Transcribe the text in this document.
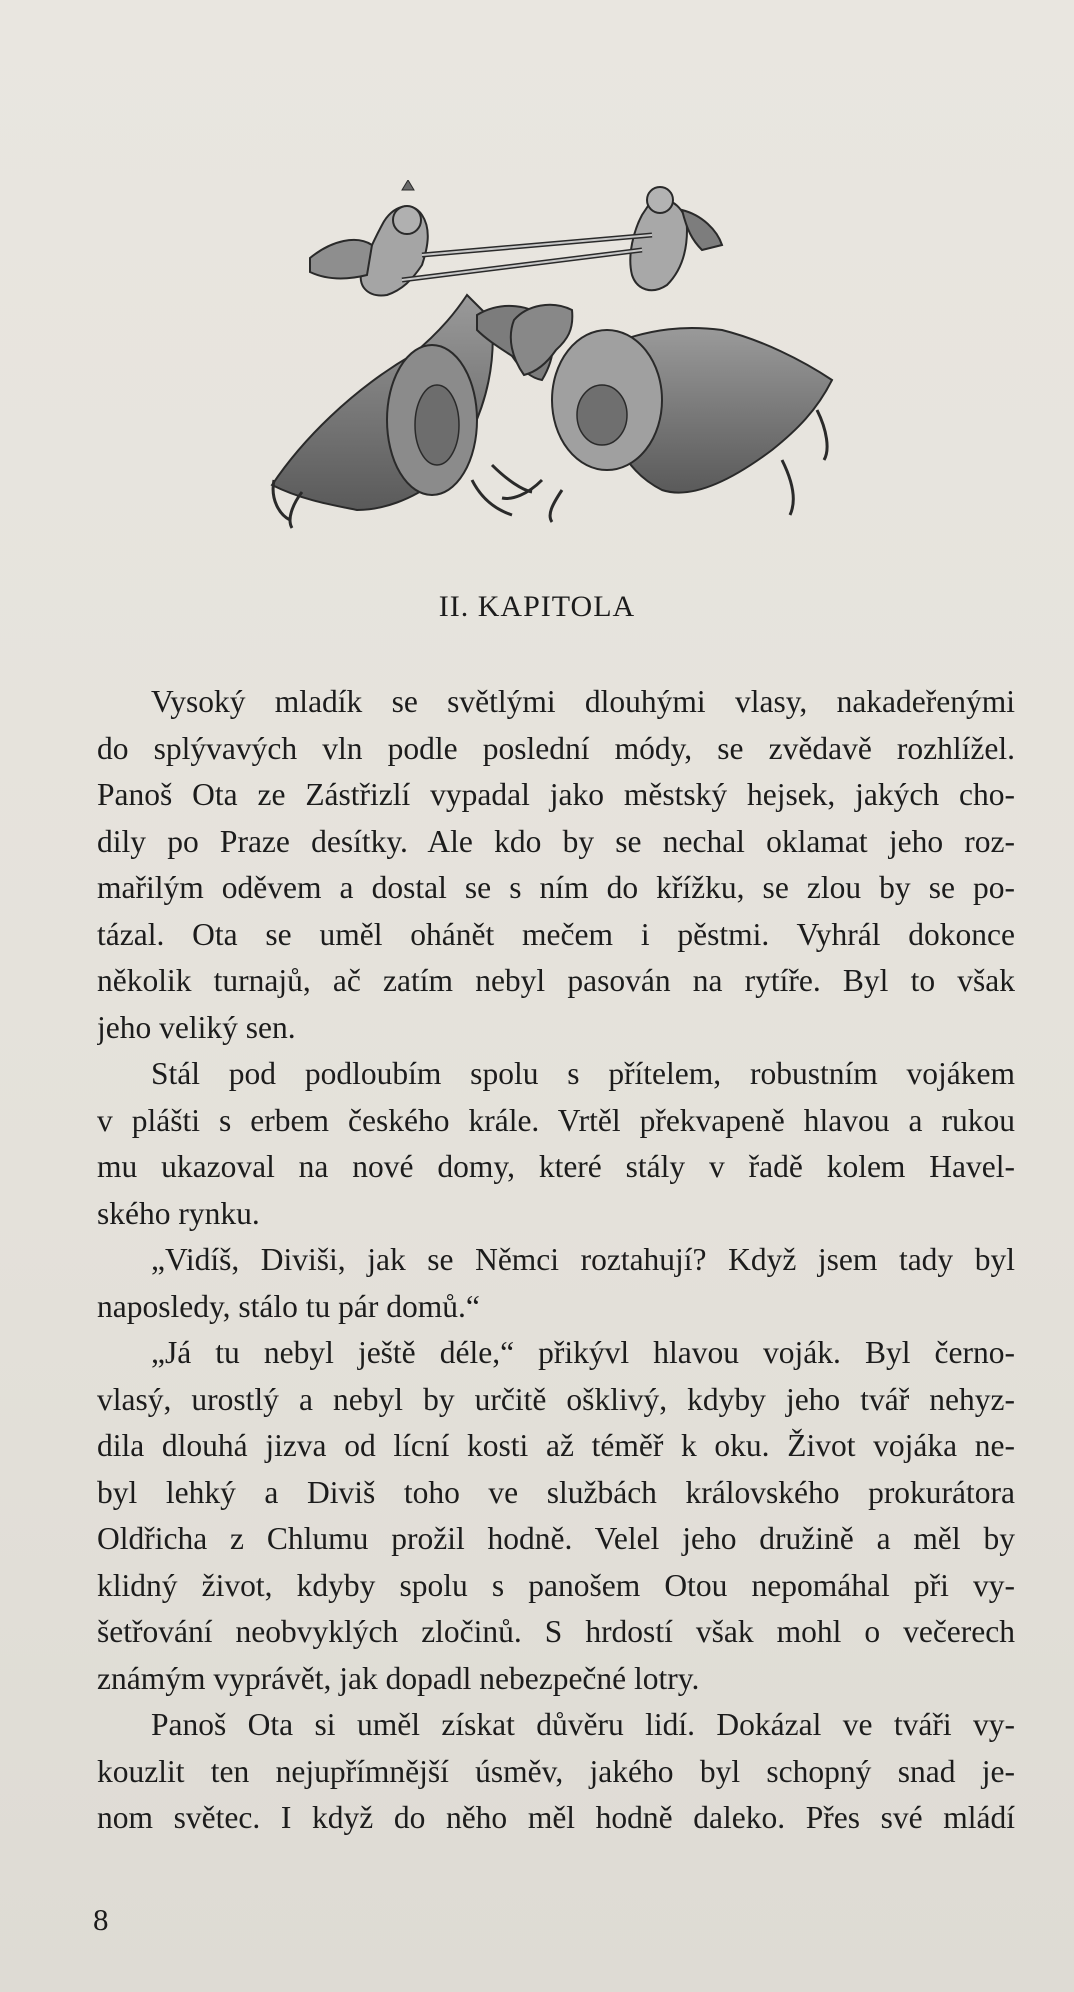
II. KAPITOLA
Vysoký mladík se světlými dlouhými vlasy, nakadeřenými
do splývavých vln podle poslední módy, se zvědavě rozhlížel.
Panoš Ota ze Zástřizlí vypadal jako městský hejsek, jakých cho-
dily po Praze desítky. Ale kdo by se nechal oklamat jeho roz-
mařilým oděvem a dostal se s ním do křížku, se zlou by se po-
tázal. Ota se uměl ohánět mečem i pěstmi. Vyhrál dokonce
několik turnajů, ač zatím nebyl pasován na rytíře. Byl to však
jeho veliký sen.
Stál pod podloubím spolu s přítelem, robustním vojákem
v plášti s erbem českého krále. Vrtěl překvapeně hlavou a rukou
mu ukazoval na nové domy, které stály v řadě kolem Havel-
ského rynku.
„Vidíš, Diviši, jak se Němci roztahují? Když jsem tady byl
naposledy, stálo tu pár domů.“
„Já tu nebyl ještě déle,“ přikývl hlavou voják. Byl černo-
vlasý, urostlý a nebyl by určitě ošklivý, kdyby jeho tvář nehyz-
dila dlouhá jizva od lícní kosti až téměř k oku. Život vojáka ne-
byl lehký a Diviš toho ve službách královského prokurátora
Oldřicha z Chlumu prožil hodně. Velel jeho družině a měl by
klidný život, kdyby spolu s panošem Otou nepomáhal při vy-
šetřování neobvyklých zločinů. S hrdostí však mohl o večerech
známým vyprávět, jak dopadl nebezpečné lotry.
Panoš Ota si uměl získat důvěru lidí. Dokázal ve tváři vy-
kouzlit ten nejupřímnější úsměv, jakého byl schopný snad je-
nom světec. I když do něho měl hodně daleko. Přes své mládí
8
